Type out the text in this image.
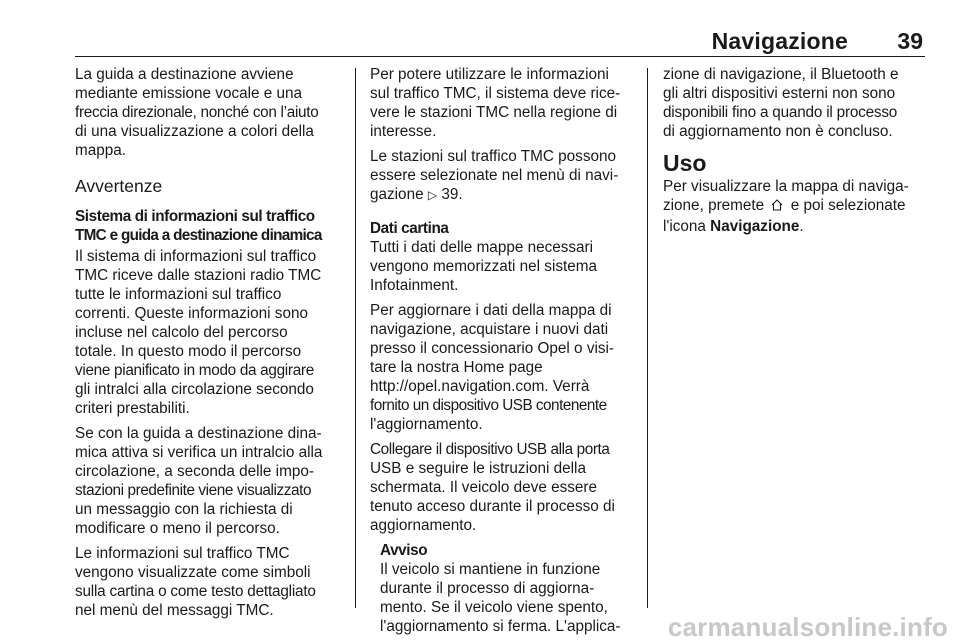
Navigazione 39
La guida a destinazione avviene
mediante emissione vocale e una
freccia direzionale, nonché con l’aiuto
di una visualizzazione a colori della
mappa.
Avvertenze
Sistema di informazioni sul traffico
TMC e guida a destinazione dinamica
Il sistema di informazioni sul traffico
TMC riceve dalle stazioni radio TMC
tutte le informazioni sul traffico
correnti. Queste informazioni sono
incluse nel calcolo del percorso
totale. In questo modo il percorso
viene pianificato in modo da aggirare
gli intralci alla circolazione secondo
criteri prestabiliti.
Se con la guida a destinazione dina-
mica attiva si verifica un intralcio alla
circolazione, a seconda delle impo-
stazioni predefinite viene visualizzato
un messaggio con la richiesta di
modificare o meno il percorso.
Le informazioni sul traffico TMC
vengono visualizzate come simboli
sulla cartina o come testo dettagliato
nel menù del messaggi TMC.
Per potere utilizzare le informazioni
sul traffico TMC, il sistema deve rice-
vere le stazioni TMC nella regione di
interesse.
Le stazioni sul traffico TMC possono
essere selezionate nel menù di navi-
gazione ▷ 39.
Dati cartina
Tutti i dati delle mappe necessari
vengono memorizzati nel sistema
Infotainment.
Per aggiornare i dati della mappa di
navigazione, acquistare i nuovi dati
presso il concessionario Opel o visi-
tare la nostra Home page
http://opel.navigation.com. Verrà
fornito un dispositivo USB contenente
l'aggiornamento.
Collegare il dispositivo USB alla porta
USB e seguire le istruzioni della
schermata. Il veicolo deve essere
tenuto acceso durante il processo di
aggiornamento.
Avviso
Il veicolo si mantiene in funzione
durante il processo di aggiorna-
mento. Se il veicolo viene spento,
l'aggiornamento si ferma. L'applica-
zione di navigazione, il Bluetooth e
gli altri dispositivi esterni non sono
disponibili fino a quando il processo
di aggiornamento non è concluso.
Uso
Per visualizzare la mappa di naviga-
zione, premete e poi selezionate
l'icona Navigazione.
carmanualsonline.info
